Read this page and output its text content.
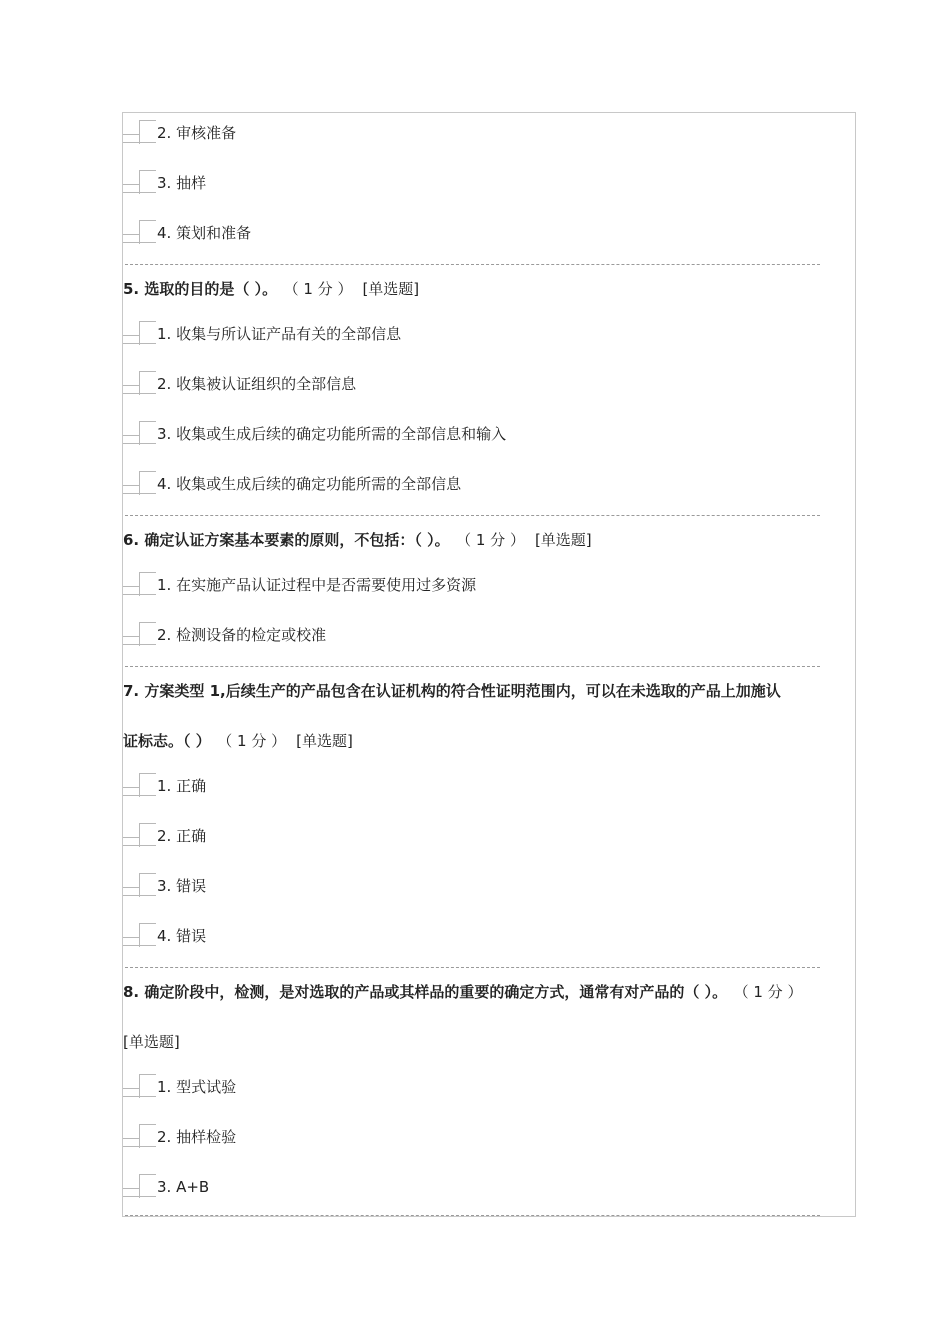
2. 审核准备
3. 抽样
4. 策划和准备
5. 选取的目的是（ ）。 （ 1 分 ） [单选题]
1. 收集与所认证产品有关的全部信息
2. 收集被认证组织的全部信息
3. 收集或生成后续的确定功能所需的全部信息和输入
4. 收集或生成后续的确定功能所需的全部信息
6. 确定认证方案基本要素的原则，不包括：（ ）。 （ 1 分 ） [单选题]
1. 在实施产品认证过程中是否需要使用过多资源
2. 检测设备的检定或校准
7. 方案类型 1,后续生产的产品包含在认证机构的符合性证明范围内，可以在未选取的产品上加施认
证标志。（ ） （ 1 分 ） [单选题]
1. 正确
2. 正确
3. 错误
4. 错误
8. 确定阶段中，检测，是对选取的产品或其样品的重要的确定方式，通常有对产品的（ ）。 （ 1 分 ）
[单选题]
1. 型式试验
2. 抽样检验
3. A+B
